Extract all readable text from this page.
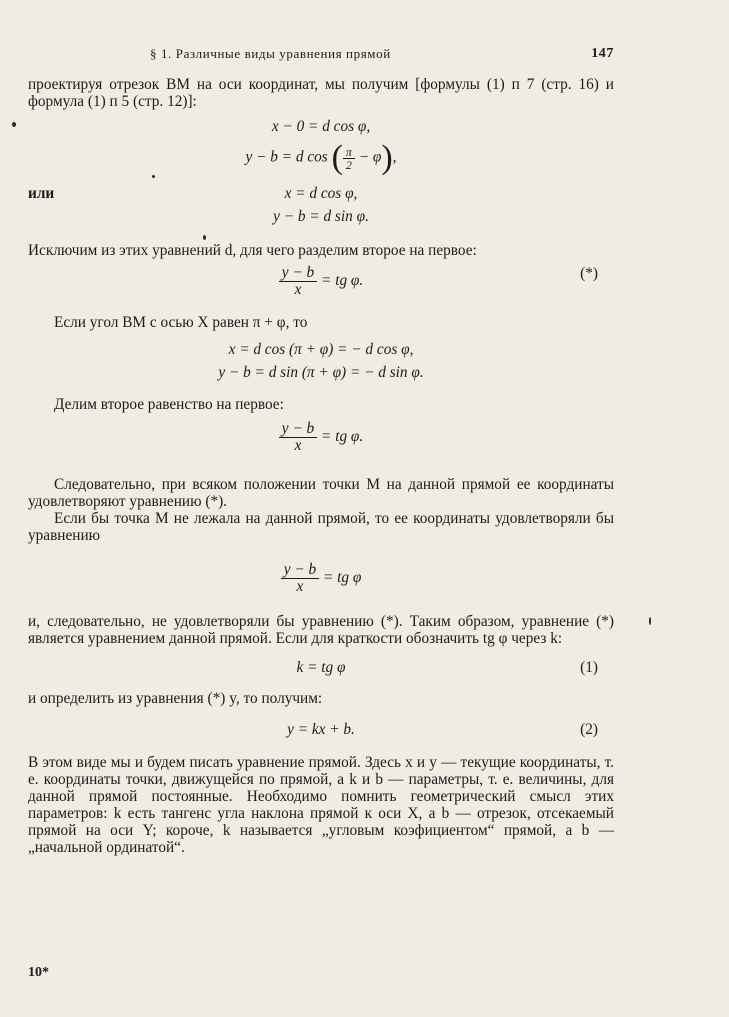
§ 1. Различные виды уравнения прямой	147

проектируя отрезок BM на оси координат, мы получим [формулы (1) п 7 (стр. 16) и формула (1) п 5 (стр. 12)]:

x − 0 = d cos φ,
y − b = d cos ( $\frac{\pi}{2} - \varphi$),
x = d cos φ,
или
y − b = d sin φ.

Исключим из этих уравнений d, для чего разделим второе на первое:

$\frac{y - b}{x}$ = tg φ.	(*)

Если угол BM с осью X равен π + φ, то

x = d cos (π + φ) = − d cos φ,
y − b = d sin (π + φ) = − d sin φ.

Делим второе равенство на первое:

$\frac{y - b}{x}$ = tg φ.

Следовательно, при всяком положении точки M на данной прямой ее координаты удовлетворяют уравнению (*).

Если бы точка M не лежала на данной прямой, то ее координаты удовлетворяли бы уравнению

$\frac{y - b}{x}$ = tg φ

и, следовательно, не удовлетворяли бы уравнению (*). Таким образом, уравнение (*) является уравнением данной прямой. Если для краткости обозначить tg φ через k:

k = tg φ	(1)

и определить из уравнения (*) y, то получим:

y = kx + b.	(2)

В этом виде мы и будем писать уравнение прямой. Здесь x и y — текущие координаты, т. е. координаты точки, движущейся по прямой, а k и b — параметры, т. е. величины, для данной прямой постоянные. Необходимо помнить геометрический смысл этих параметров: k есть тангенс угла наклона прямой к оси X, а b — отрезок, отсекаемый прямой на оси Y; короче, k называется „угловым коэфициентом“ прямой, а b — „начальной ординатой“.

10*
